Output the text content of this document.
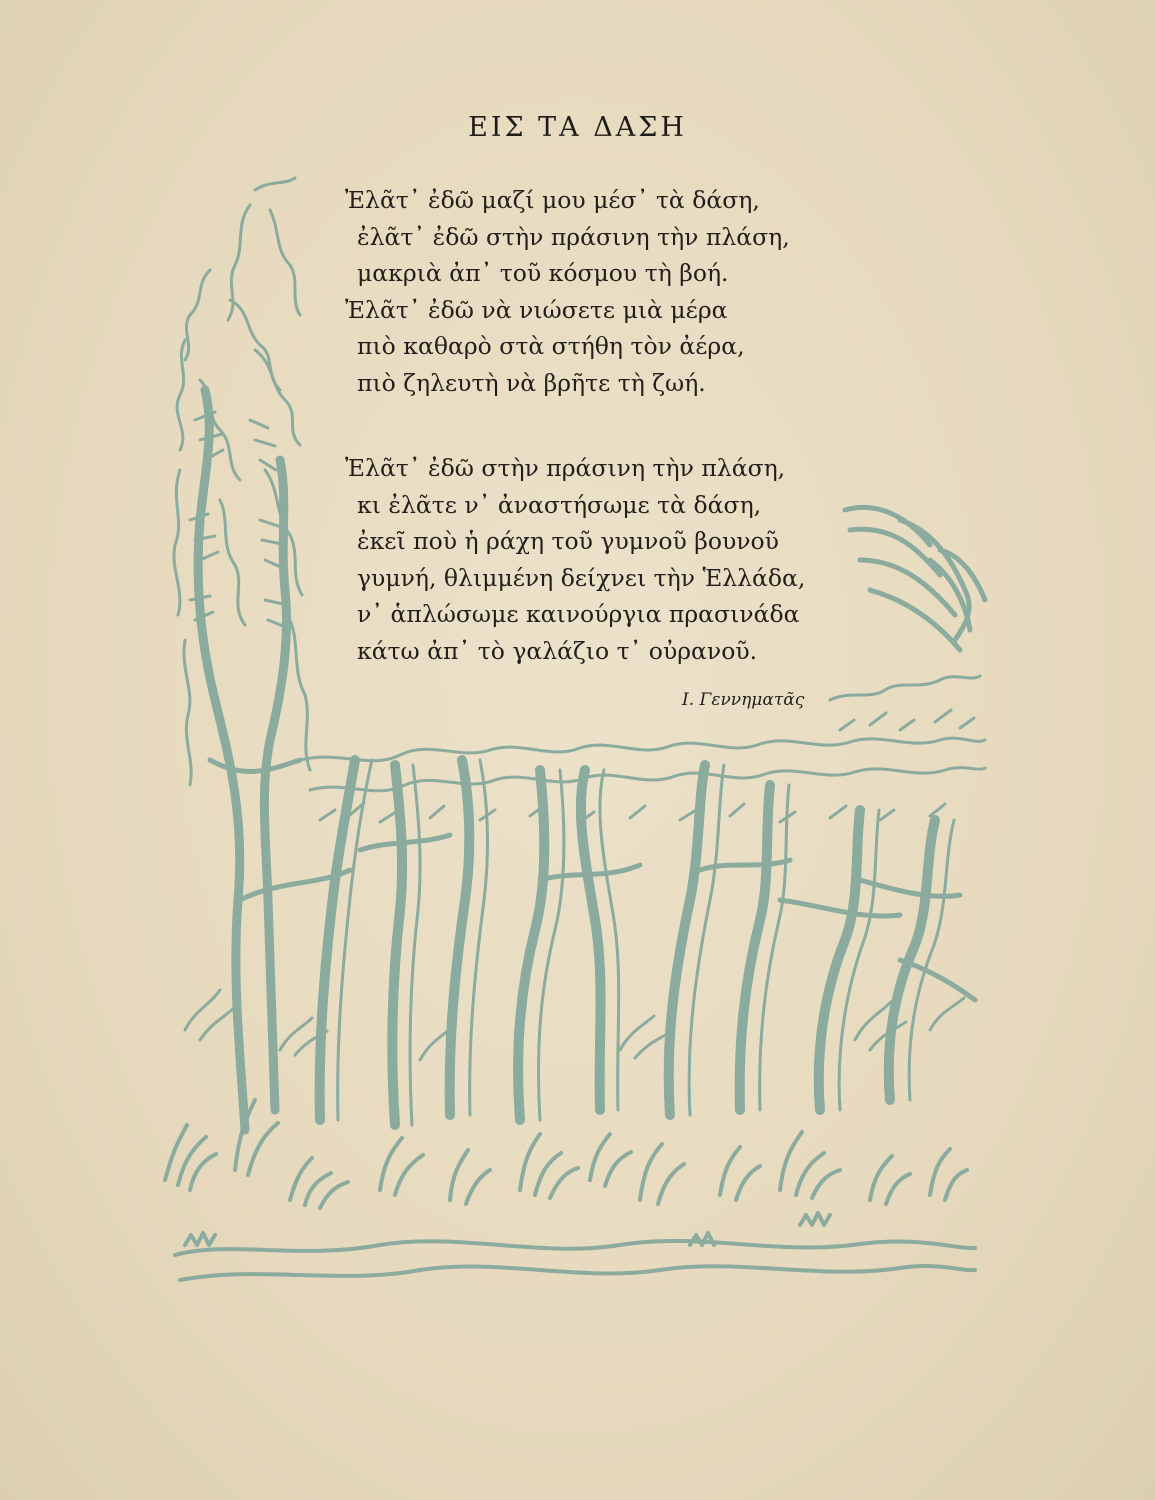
ΕΙΣ ΤΑ ΔΑΣΗ
Ἐλᾶτ᾽ ἐδῶ μαζί μου μέσ᾽ τὰ δάση,
ἐλᾶτ᾽ ἐδῶ στὴν πράσινη τὴν πλάση,
μακριὰ ἀπ᾽ τοῦ κόσμου τὴ βοή.
Ἐλᾶτ᾽ ἐδῶ νὰ νιώσετε μιὰ μέρα
πιὸ καθαρὸ στὰ στήθη τὸν ἀέρα,
πιὸ ζηλευτὴ νὰ βρῆτε τὴ ζωή.
Ἐλᾶτ᾽ ἐδῶ στὴν πράσινη τὴν πλάση,
κι ἐλᾶτε ν᾽ ἀναστήσωμε τὰ δάση,
ἐκεῖ ποὺ ἡ ράχη τοῦ γυμνοῦ βουνοῦ
γυμνή, θλιμμένη δείχνει τὴν Ἑλλάδα,
ν᾽ ἁπλώσωμε καινούργια πρασινάδα
κάτω ἀπ᾽ τὸ γαλάζιο τ᾽ οὐρανοῦ.
Ι. Γεννηματᾶς
